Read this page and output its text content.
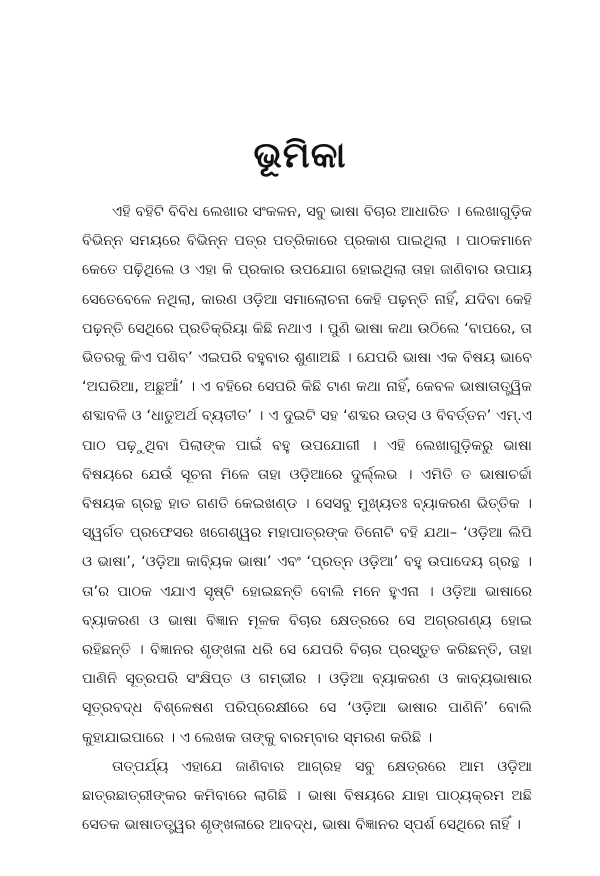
ଭୂମିକା

ଏହି ବହିଟି ବିବିଧ ଲେଖାର ସଂକଳନ, ସବୁ ଭାଷା ବିଚାର ଆଧାରିତ । ଲେଖାଗୁଡ଼ିକ ବିଭିନ୍ନ ସମୟରେ ବିଭିନ୍ନ ପତ୍ର ପତ୍ରିକାରେ ପ୍ରକାଶ ପାଇଥିଲା । ପାଠକମାନେ କେତେ ପଢ଼ିଥିଲେ ଓ ଏହା କି ପ୍ରକାର ଉପଯୋଗ ହୋଇଥିଲା ତାହା ଜାଣିବାର ଉପାୟ ସେତେବେଳେ ନଥିଲା, କାରଣ ଓଡ଼ିଆ ସମାଲୋଚନା କେହି ପଢ଼ନ୍ତି ନାହିଁ, ଯଦିବା କେହି ପଢ଼ନ୍ତି ସେଥିରେ ପ୍ରତିକ୍ରିୟା କିଛି ନଥାଏ । ପୁଣି ଭାଷା କଥା ଉଠିଲେ ‘ବାପରେ, ତା ଭିତରକୁ କିଏ ପଶିବ’ ଏଇପରି ବହୁବାର ଶୁଣାଅଛି । ଯେପରି ଭାଷା ଏକ ବିଷୟ ଭାବେ ‘ଅଘରିଆ, ଅଛୁଆଁ’ । ଏ ବହିରେ ସେପରି କିଛି ଟାଣ କଥା ନାହିଁ, କେବଳ ଭାଷାତାତ୍ତ୍ୱିକ ଶବ୍ଦାବଳି ଓ ‘ଧାତୁଅର୍ଥ ବ୍ୟତୀତ’ । ଏ ଦୁଇଟି ସହ ‘ଶବ୍ଦର ଉତ୍ସ ଓ ବିବର୍ତ୍ତନ’ ଏମ୍.ଏ ପାଠ ପଢ଼ୁଥିବା ପିଲାଙ୍କ ପାଇଁ ବହୁ ଉପଯୋଗୀ । ଏହି ଲେଖାଗୁଡ଼ିକରୁ ଭାଷା ବିଷୟରେ ଯେଉଁ ସୂଚନା ମିଳେ ତାହା ଓଡ଼ିଆରେ ଦୁର୍ଲ୍ଲଭ । ଏମିତି ତ ଭାଷାଚର୍ଚ୍ଚା ବିଷୟକ ଗ୍ରନ୍ଥ ହାତ ଗଣତି କେଇଖଣ୍ଡ । ସେସବୁ ମୁଖ୍ୟତଃ ବ୍ୟାକରଣ ଭିତ୍ତିକ । ସ୍ୱର୍ଗତ ପ୍ରଫେସର ଖଗେଶ୍ୱର ମହାପାତ୍ରଙ୍କ ତିନୋଟି ବହି ଯଥା– ‘ଓଡ଼ିଆ ଲିପି ଓ ଭାଷା’, ‘ଓଡ଼ିଆ କାବ୍ୟିକ ଭାଷା’ ଏବଂ ‘ପ୍ରତ୍ନ ଓଡ଼ିଆ’ ବହୁ ଉପାଦେୟ ଗ୍ରନ୍ଥ । ତା’ର ପାଠକ ଏଯାଏ ସୃଷ୍ଟି ହୋଇଛନ୍ତି ବୋଲି ମନେ ହୁଏନା । ଓଡ଼ିଆ ଭାଷାରେ ବ୍ୟାକରଣ ଓ ଭାଷା ବିଜ୍ଞାନ ମୂଳକ ବିଚାର କ୍ଷେତ୍ରରେ ସେ ଅଗ୍ରଗଣ୍ୟ ହୋଇ ରହିଛନ୍ତି । ବିଜ୍ଞାନର ଶୃଙ୍ଖଳା ଧରି ସେ ଯେପରି ବିଚାର ପ୍ରସ୍ତୁତ କରିଛନ୍ତି, ତାହା ପାଣିନି ସୂତ୍ରପରି ସଂକ୍ଷିପ୍ତ ଓ ଗମ୍ଭୀର । ଓଡ଼ିଆ ବ୍ୟାକରଣ ଓ କାବ୍ୟଭାଷାର ସୂତ୍ରବଦ୍ଧ ବିଶ୍ଳେଷଣ ପରିପ୍ରେକ୍ଷୀରେ ସେ ‘ଓଡ଼ିଆ ଭାଷାର ପାଣିନି’ ବୋଲି କୁହାଯାଇପାରେ । ଏ ଲେଖକ ତାଙ୍କୁ ବାରମ୍ବାର ସ୍ମରଣ କରିଛି ।

ତାତ୍ପର୍ଯ୍ୟ ଏହାଯେ ଜାଣିବାର ଆଗ୍ରହ ସବୁ କ୍ଷେତ୍ରରେ ଆମ ଓଡ଼ିଆ ଛାତ୍ରଛାତ୍ରୀଙ୍କର କମିବାରେ ଲାଗିଛି । ଭାଷା ବିଷୟରେ ଯାହା ପାଠ୍ୟକ୍ରମ ଅଛି ସେତକ ଭାଷାତତ୍ତ୍ୱର ଶୃଙ୍ଖଳାରେ ଆବଦ୍ଧ, ଭାଷା ବିଜ୍ଞାନର ସ୍ପର୍ଶ ସେଥିରେ ନାହିଁ ।
